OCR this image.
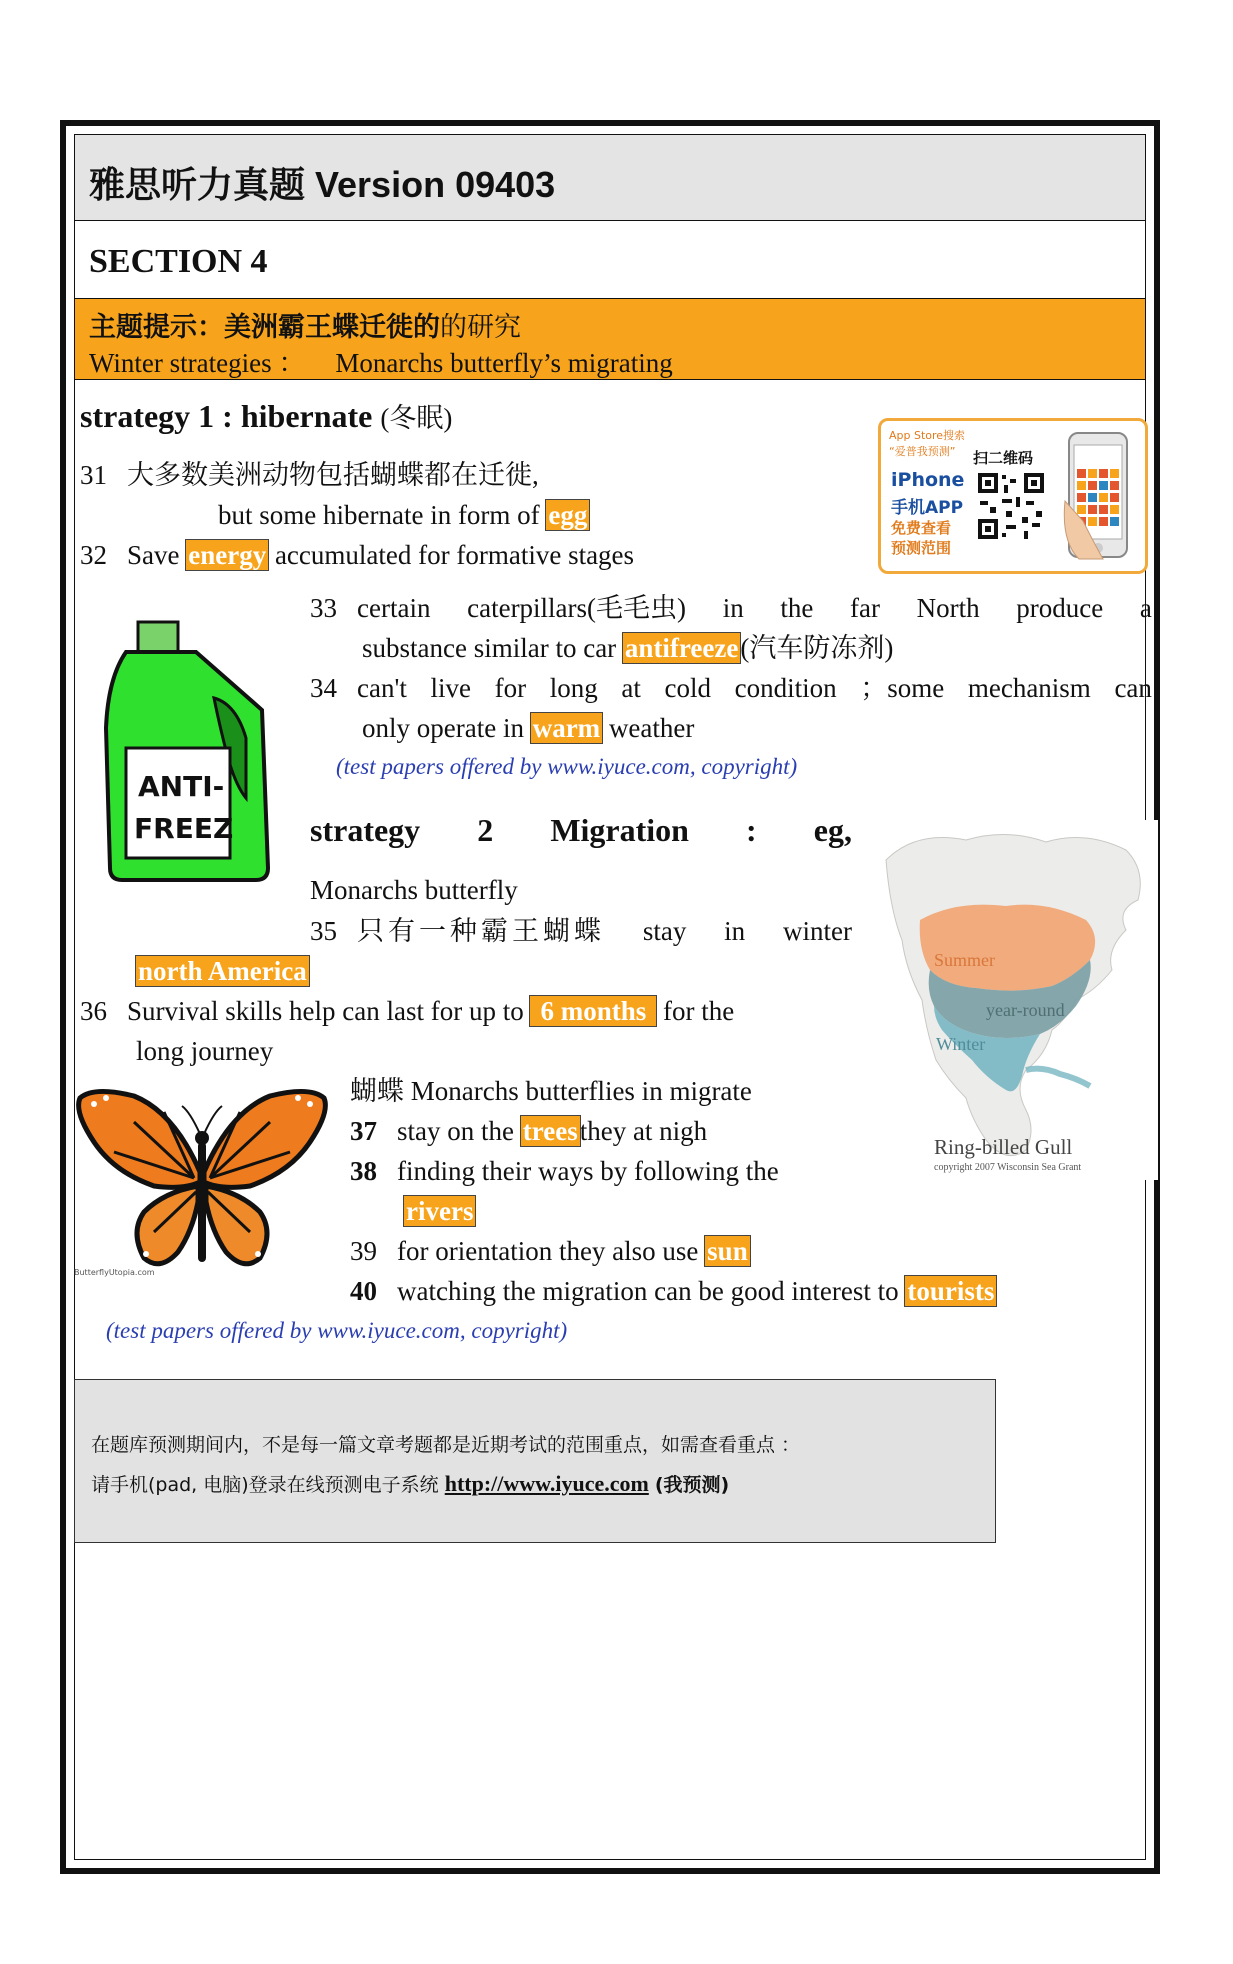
雅思听力真题 Version 09403
SECTION 4
主题提示：美洲霸王蝶迁徙的的研究
Winter strategies ： Monarchs butterfly’s migrating
strategy 1 : hibernate (冬眠)
31 大多数美洲动物包括蝴蝶都在迁徙,
but some hibernate in form of egg
32 Save energy accumulated for formative stages
App Store搜索
“爱普我预测” 扫二维码
iPhone
手机APP
免费查看
预测范围
ANTI-
FREEZ
33 certain caterpillars(毛毛虫) in the far North produce a
substance similar to car antifreeze(汽车防冻剂)
34 can't live for long at cold condition ；some mechanism can
only operate in warm weather
(test papers offered by www.iyuce.com, copyright)
strategy 2 Migration : eg,
Monarchs butterfly
35 只有一种霸王蝴蝶 stay in winter
north America
36 Survival skills help can last for up to 6 months for the
long journey
Summer
year-round
Winter
Ring-billed Gull
copyright 2007 Wisconsin Sea Grant
ButterflyUtopia.com
蝴蝶 Monarchs butterflies in migrate
37 stay on the treesthey at nigh
38 finding their ways by following the
rivers
39 for orientation they also use sun
40 watching the migration can be good interest to tourists
(test papers offered by www.iyuce.com, copyright)
在题库预测期间内，不是每一篇文章考题都是近期考试的范围重点，如需查看重点 ：
请手机(pad, 电脑)登录在线预测电子系统 http://www.iyuce.com (我预测)
